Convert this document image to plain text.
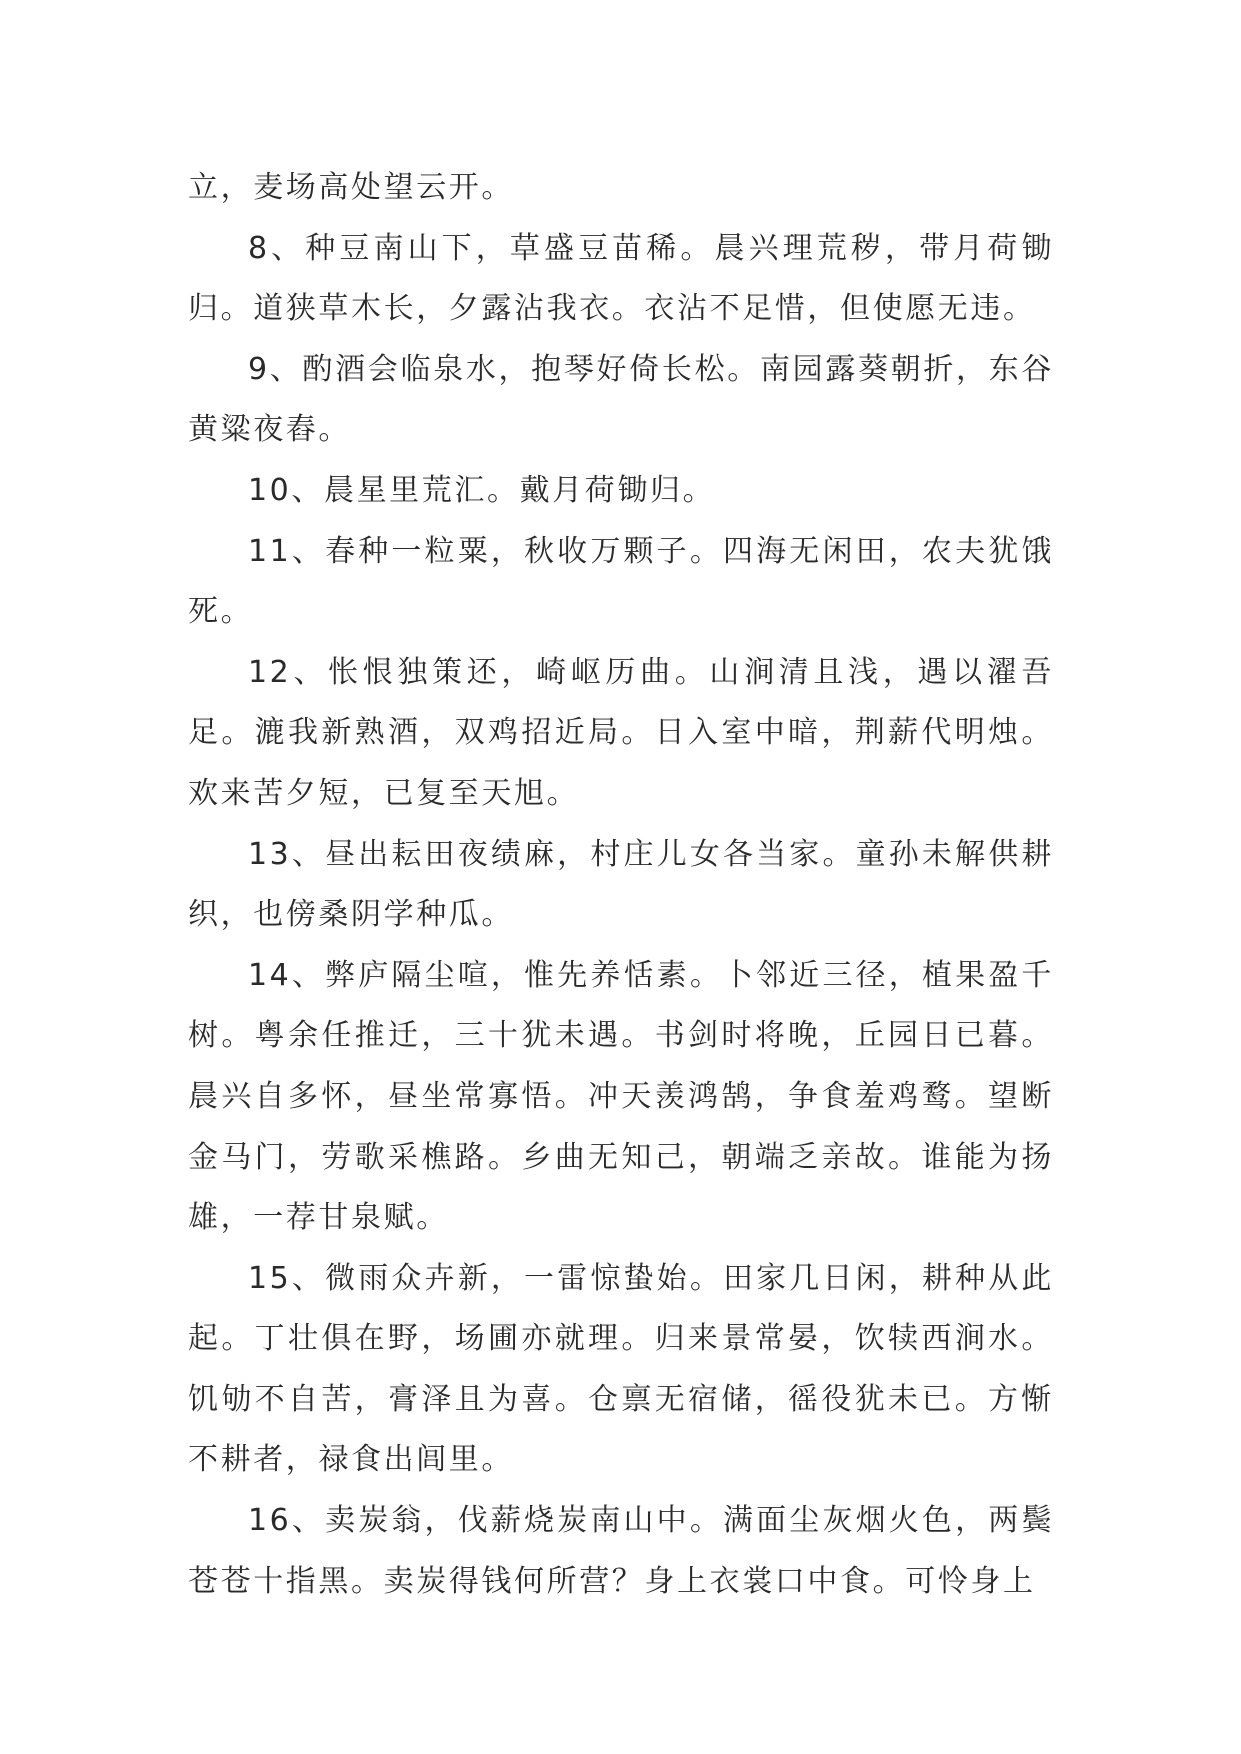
立，麦场高处望云开。

8、种豆南山下，草盛豆苗稀。晨兴理荒秽，带月荷锄归。道狭草木长，夕露沾我衣。衣沾不足惜，但使愿无违。

9、酌酒会临泉水，抱琴好倚长松。南园露葵朝折，东谷黄粱夜舂。

10、晨星里荒汇。戴月荷锄归。

11、春种一粒粟，秋收万颗子。四海无闲田，农夫犹饿死。

12、怅恨独策还，崎岖历曲。山涧清且浅，遇以濯吾足。漉我新熟酒，双鸡招近局。日入室中暗，荆薪代明烛。欢来苦夕短，已复至天旭。

13、昼出耘田夜绩麻，村庄儿女各当家。童孙未解供耕织，也傍桑阴学种瓜。

14、弊庐隔尘喧，惟先养恬素。卜邻近三径，植果盈千树。粤余任推迁，三十犹未遇。书剑时将晚，丘园日已暮。晨兴自多怀，昼坐常寡悟。冲天羡鸿鹄，争食羞鸡鹜。望断金马门，劳歌采樵路。乡曲无知己，朝端乏亲故。谁能为扬雄，一荐甘泉赋。

15、微雨众卉新，一雷惊蛰始。田家几日闲，耕种从此起。丁壮俱在野，场圃亦就理。归来景常晏，饮犊西涧水。饥劬不自苦，膏泽且为喜。仓禀无宿储，徭役犹未已。方惭不耕者，禄食出闾里。

16、卖炭翁，伐薪烧炭南山中。满面尘灰烟火色，两鬓苍苍十指黑。卖炭得钱何所营？身上衣裳口中食。可怜身上
